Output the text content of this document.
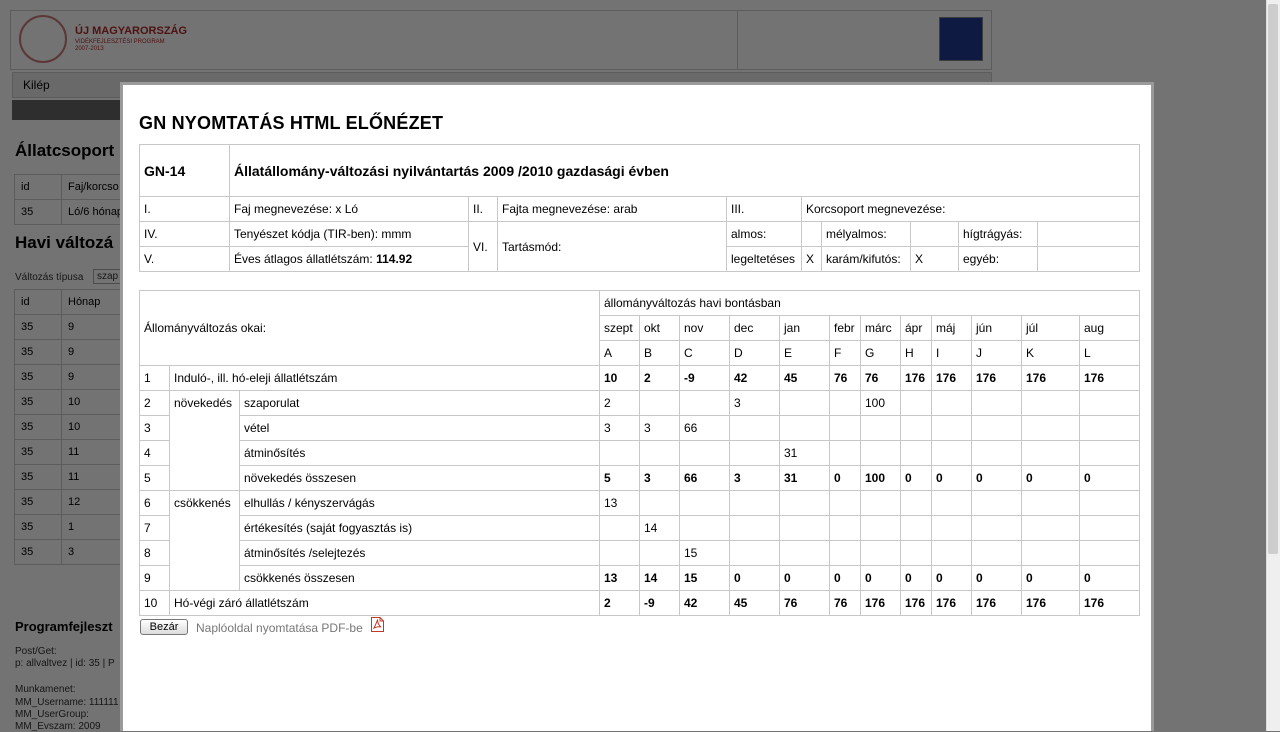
GN NYOMTATÁS HTML ELŐNÉZET
GN-14	Állatállomány-változási nyilvántartás 2009 /2010 gazdasági évben								
I.	Faj megnevezése: x Ló	II.	Fajta megnevezése: arab	III.	Korcsoport megnevezése:				
IV.	Tenyészet kódja (TIR-ben): mmm	VI.	Tartásmód:	almos:		mélyalmos:		hígtrágyás:	
V.	Éves átlagos állatlétszám: 114.92			legeltetéses	X	karám/kifutós:	X	egyéb:	
Állományváltozás okai:			állományváltozás havi bontásban											
			szept	okt	nov	dec	jan	febr	márc	ápr	máj	jún	júl	aug
			A	B	C	D	E	F	G	H	I	J	K	L
1	Induló-, ill. hó-eleji állatlétszám		10	2	-9	42	45	76	76	176	176	176	176	176
2	növekedés	szaporulat	2			3			100					
3		vétel	3	3	66									
4		átminősítés					31							
5		növekedés összesen	5	3	66	3	31	0	100	0	0	0	0	0
6	csökkenés	elhullás / kényszervágás	13											
7		értékesítés (saját fogyasztás is)		14										
8		átminősítés /selejtezés			15									
9		csökkenés összesen	13	14	15	0	0	0	0	0	0	0	0	0
10	Hó-végi záró állatlétszám		2	-9	42	45	76	76	176	176	176	176	176	176
Bezár	Naplóoldal nyomtatása PDF-be
